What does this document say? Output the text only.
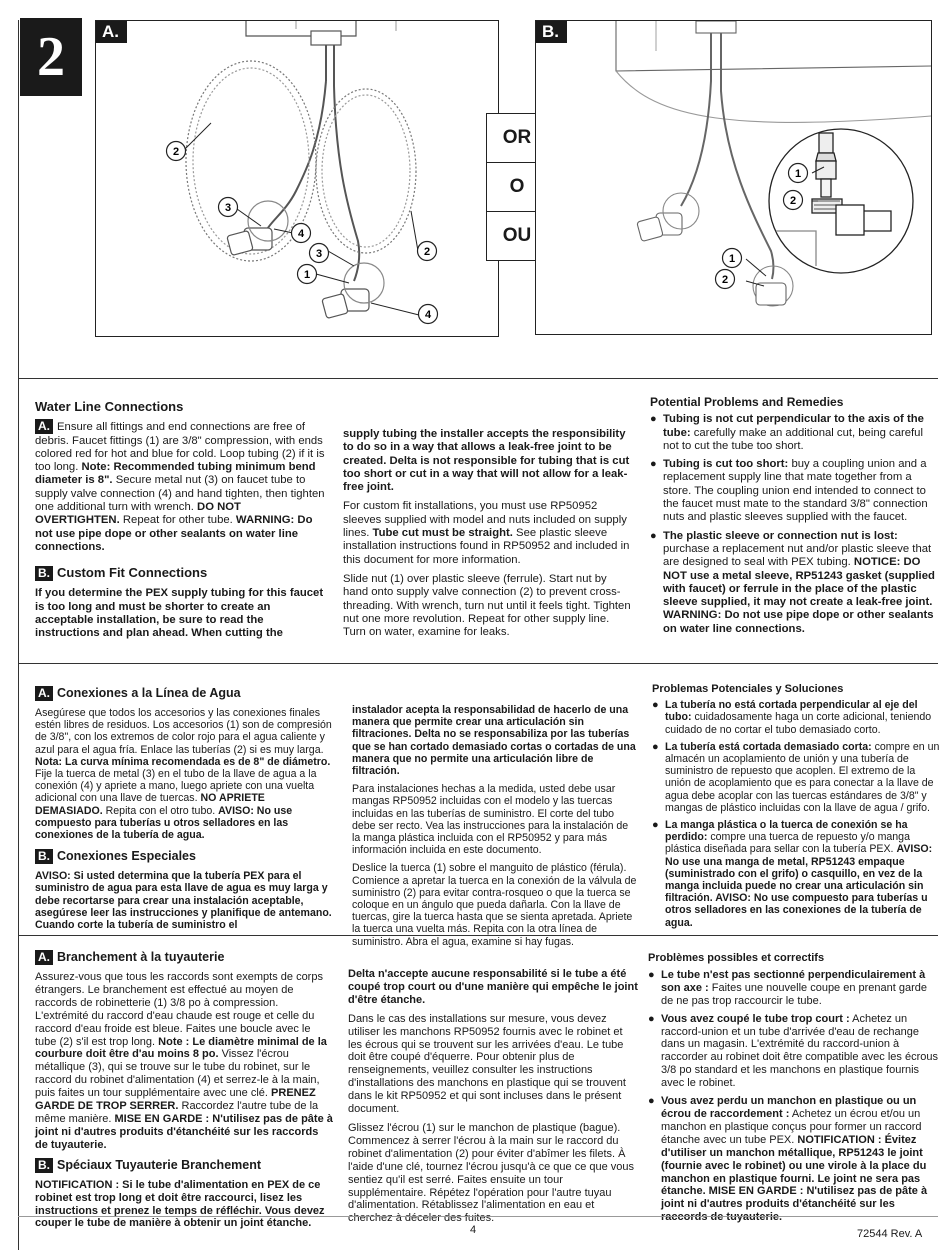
2	A.
2
3
4
3	2
1
4
OR
O
OU
B.
1
2
1
2
Water Line Connections

A. Ensure all fittings and end connections are free of debris. Faucet fittings (1) are 3/8" compression, with ends colored red for hot and blue for cold. Loop tubing (2) if it is too long. Note: Recommended tubing minimum bend diameter is 8". Secure metal nut (3) on faucet tube to supply valve connection (4) and hand tighten, then tighten one additional turn with wrench. DO NOT OVERTIGHTEN. Repeat for other tube. WARNING: Do not use pipe dope or other sealants on water line connections.

B. Custom Fit Connections

If you determine the PEX supply tubing for this faucet is too long and must be shorter to create an acceptable installation, be sure to read the instructions and plan ahead. When cutting the

supply tubing the installer accepts the responsibility to do so in a way that allows a leak-free joint to be created. Delta is not responsible for tubing that is cut too short or cut in a way that will not allow for a leak-free joint.

For custom fit installations, you must use RP50952 sleeves supplied with model and nuts included on supply lines. Tube cut must be straight. See plastic sleeve installation instructions found in RP50952 and included in this document for more information.

Slide nut (1) over plastic sleeve (ferrule). Start nut by hand onto supply valve connection (2) to prevent cross-threading. With wrench, turn nut until it feels tight. Tighten nut one more revolution. Repeat for other supply line. Turn on water, examine for leaks.

Potential Problems and Remedies
● Tubing is not cut perpendicular to the axis of the tube: carefully make an additional cut, being careful not to cut the tube too short.
● Tubing is cut too short: buy a coupling union and a replacement supply line that mate together from a store. The coupling union end intended to connect to the faucet must mate to the standard 3/8" connection nuts and plastic sleeves supplied with the faucet.
● The plastic sleeve or connection nut is lost: purchase a replacement nut and/or plastic sleeve that are designed to seal with PEX tubing. NOTICE: DO NOT use a metal sleeve, RP51243 gasket (supplied with faucet) or ferrule in the place of the plastic sleeve supplied, it may not create a leak-free joint. WARNING: Do not use pipe dope or other sealants on water line connections.
A. Conexiones a la Línea de Agua

Asegúrese que todos los accesorios y las conexiones finales estén libres de residuos. Los accesorios (1) son de compresión de 3/8", con los extremos de color rojo para el agua caliente y azul para el agua fría. Enlace las tuberías (2) si es muy larga. Nota: La curva mínima recomendada es de 8" de diámetro. Fije la tuerca de metal (3) en el tubo de la llave de agua a la conexión (4) y apriete a mano, luego apriete con una vuelta adicional con una llave de tuercas. NO APRIETE DEMASIADO. Repita con el otro tubo. AVISO: No use compuesto para tuberías u otros selladores en las conexiones de la tubería de agua.

B. Conexiones Especiales

AVISO: Si usted determina que la tubería PEX para el suministro de agua para esta llave de agua es muy larga y debe recortarse para crear una instalación aceptable, asegúrese leer las instrucciones y planifique de antemano. Cuando corte la tubería de suministro el

instalador acepta la responsabilidad de hacerlo de una manera que permite crear una articulación sin filtraciones. Delta no se responsabiliza por las tuberías que se han cortado demasiado cortas o cortadas de una manera que no permite una articulación libre de filtración.

Para instalaciones hechas a la medida, usted debe usar mangas RP50952 incluidas con el modelo y las tuercas incluidas en las tuberías de suministro. El corte del tubo debe ser recto. Vea las instrucciones para la instalación de la manga plástica incluida con el RP50952 y para más información incluida en este documento.

Deslice la tuerca (1) sobre el manguito de plástico (férula). Comience a apretar la tuerca en la conexión de la válvula de suministro (2) para evitar contra-rosqueo o que la tuerca se coloque en un ángulo que pueda dañarla. Con la llave de tuercas, gire la tuerca hasta que se sienta apretada. Apriete la tuerca una vuelta más. Repita con la otra línea de suministro. Abra el agua, examine si hay fugas.

Problemas Potenciales y Soluciones
● La tubería no está cortada perpendicular al eje del tubo: cuidadosamente haga un corte adicional, teniendo cuidado de no cortar el tubo demasiado corto.
● La tubería está cortada demasiado corta: compre en un almacén un acoplamiento de unión y una tubería de suministro de repuesto que acoplen. El extremo de la unión de acoplamiento que es para conectar a la llave de agua debe acoplar con las tuercas estándares de 3/8" y mangas de plástico incluidas con la llave de agua / grifo.
● La manga plástica o la tuerca de conexión se ha perdido: compre una tuerca de repuesto y/o manga plástica diseñada para sellar con la tubería PEX. AVISO: No use una manga de metal, RP51243 empaque (suministrado con el grifo) o casquillo, en vez de la manga incluida puede no crear una articulación sin filtración. AVISO: No use compuesto para tuberías u otros selladores en las conexiones de la tubería de agua.
A. Branchement à la tuyauterie

Assurez-vous que tous les raccords sont exempts de corps étrangers. Le branchement est effectué au moyen de raccords de robinetterie (1) 3/8 po à compression. L'extrémité du raccord d'eau chaude est rouge et celle du raccord d'eau froide est bleue. Faites une boucle avec le tube (2) s'il est trop long. Note : Le diamètre minimal de la courbure doit être d'au moins 8 po. Vissez l'écrou métallique (3), qui se trouve sur le tube du robinet, sur le raccord du robinet d'alimentation (4) et serrez-le à la main, puis faites un tour supplémentaire avec une clé. PRENEZ GARDE DE TROP SERRER. Raccordez l'autre tube de la même manière. MISE EN GARDE : N'utilisez pas de pâte à joint ni d'autres produits d'étanchéité sur les raccords de tuyauterie.

B. Spéciaux Tuyauterie Branchement

NOTIFICATION : Si le tube d'alimentation en PEX de ce robinet est trop long et doit être raccourci, lisez les instructions et prenez le temps de réfléchir. Vous devez couper le tube de manière à obtenir un joint étanche.

Delta n'accepte aucune responsabilité si le tube a été coupé trop court ou d'une manière qui empêche le joint d'être étanche.

Dans le cas des installations sur mesure, vous devez utiliser les manchons RP50952 fournis avec le robinet et les écrous qui se trouvent sur les arrivées d'eau. Le tube doit être coupé d'équerre. Pour obtenir plus de renseignements, veuillez consulter les instructions d'installations des manchons en plastique qui se trouvent dans le kit RP50952 et qui sont incluses dans le présent document.

Glissez l'écrou (1) sur le manchon de plastique (bague). Commencez à serrer l'écrou à la main sur le raccord du robinet d'alimentation (2) pour éviter d'abîmer les filets. À l'aide d'une clé, tournez l'écrou jusqu'à ce que ce que vous sentiez qu'il est serré. Faites ensuite un tour supplémentaire. Répétez l'opération pour l'autre tuyau d'alimentation. Rétablissez l'alimentation en eau et cherchez à déceler des fuites.

Problèmes possibles et correctifs
● Le tube n'est pas sectionné perpendiculairement à son axe : Faites une nouvelle coupe en prenant garde de ne pas trop raccourcir le tube.
● Vous avez coupé le tube trop court : Achetez un raccord-union et un tube d'arrivée d'eau de rechange dans un magasin. L'extrémité du raccord-union à raccorder au robinet doit être compatible avec les écrous 3/8 po standard et les manchons en plastique fournis avec le robinet.
● Vous avez perdu un manchon en plastique ou un écrou de raccordement : Achetez un écrou et/ou un manchon en plastique conçus pour former un raccord étanche avec un tube PEX. NOTIFICATION : Évitez d'utiliser un manchon métallique, RP51243 le joint (fournie avec le robinet) ou une virole à la place du manchon en plastique fourni. Le joint ne sera pas étanche. MISE EN GARDE : N'utilisez pas de pâte à joint ni d'autres produits d'étanchéité sur les raccords de tuyauterie.
4	72544 Rev. A
